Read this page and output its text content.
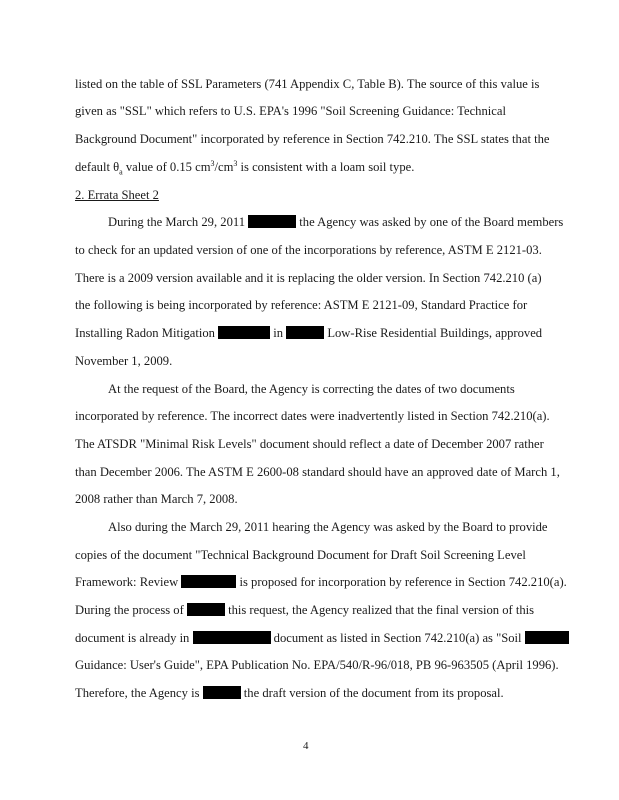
listed on the table of SSL Parameters (741 Appendix C, Table B). The source of this value is
given as "SSL" which refers to U.S. EPA's 1996 "Soil Screening Guidance: Technical
Background Document" incorporated by reference in Section 742.210. The SSL states that the
default $\theta_a$ value of 0.15 $cm^3/cm^3$ is consistent with a loam soil type.
2. Errata Sheet 2
During the March 29, 2011	the Agency was asked by one of the Board members
to check for an updated version of one of the incorporations by reference, ASTM E 2121-03.
There is a 2009 version available and it is replacing the older version. In Section 742.210 (a)
the following is being incorporated by reference: ASTM E 2121-09, Standard Practice for
Installing Radon Mitigation	in	Low-Rise Residential Buildings, approved
November 1, 2009.
At the request of the Board, the Agency is correcting the dates of two documents
incorporated by reference. The incorrect dates were inadvertently listed in Section 742.210(a).
The ATSDR "Minimal Risk Levels" document should reflect a date of December 2007 rather
than December 2006. The ASTM E 2600-08 standard should have an approved date of March 1,
2008 rather than March 7, 2008.
Also during the March 29, 2011 hearing the Agency was asked by the Board to provide
copies of the document "Technical Background Document for Draft Soil Screening Level
Framework: Review	is proposed for incorporation by reference in Section 742.210(a).
During the process of	this request, the Agency realized that the final version of this
document is already in	document as listed in Section 742.210(a) as "Soil
Guidance: User's Guide", EPA Publication No. EPA/540/R-96/018, PB 96-963505 (April 1996).
Therefore, the Agency is	the draft version of the document from its proposal.
4
